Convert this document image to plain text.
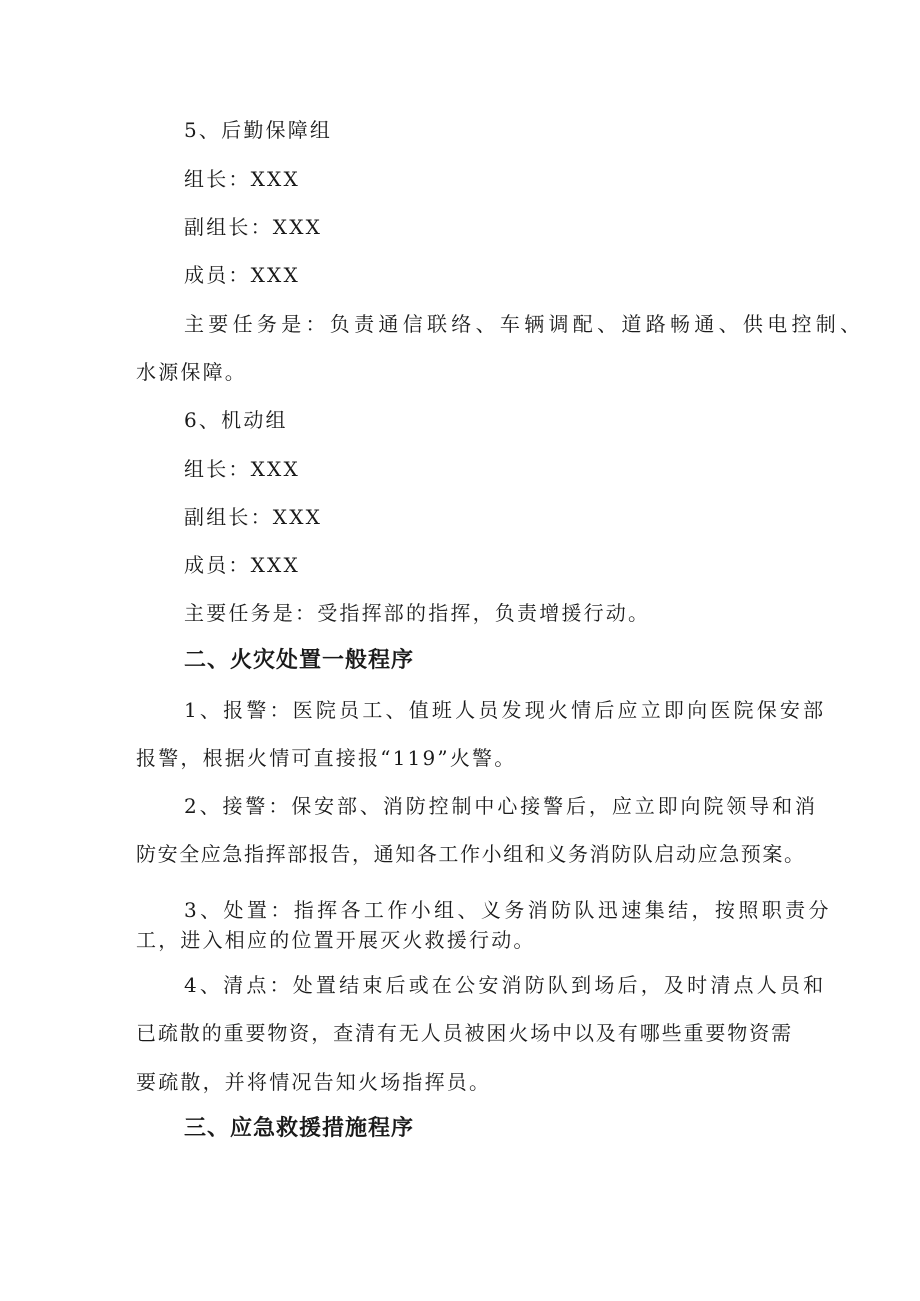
5、后勤保障组
组长：XXX
副组长：XXX
成员：XXX
主要任务是：负责通信联络、车辆调配、道路畅通、供电控制、
水源保障。
6、机动组
组长：XXX
副组长：XXX
成员：XXX
主要任务是：受指挥部的指挥，负责增援行动。
二、火灾处置一般程序
1、报警：医院员工、值班人员发现火情后应立即向医院保安部
报警，根据火情可直接报“119”火警。
2、接警：保安部、消防控制中心接警后，应立即向院领导和消
防安全应急指挥部报告，通知各工作小组和义务消防队启动应急预案。
3、处置：指挥各工作小组、义务消防队迅速集结，按照职责分
工，进入相应的位置开展灭火救援行动。
4、清点：处置结束后或在公安消防队到场后，及时清点人员和
已疏散的重要物资，查清有无人员被困火场中以及有哪些重要物资需
要疏散，并将情况告知火场指挥员。
三、应急救援措施程序
